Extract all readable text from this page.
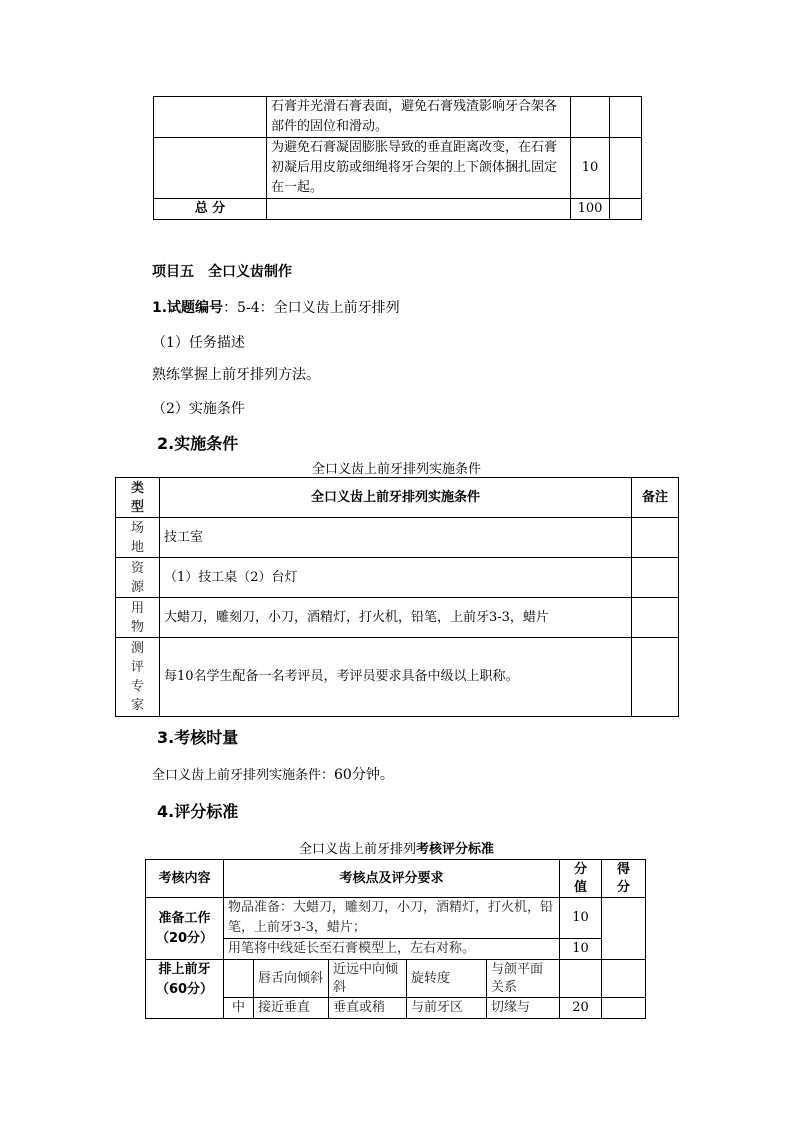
	石膏并光滑石膏表面，避免石膏残渣影响牙合架各部件的固位和滑动。		
	为避免石膏凝固膨胀导致的垂直距离改变，在石膏初凝后用皮筋或细绳将牙合架的上下颌体捆扎固定在一起。	10	
总 分		100	
项目五　全口义齿制作
1.试题编号：5-4：全口义齿上前牙排列
（1）任务描述
熟练掌握上前牙排列方法。
（2）实施条件
2.实施条件
全口义齿上前牙排列实施条件
类型	全口义齿上前牙排列实施条件	备注

场地	技工室	

资源	（1）技工桌（2）台灯	

用物	大蜡刀，雕刻刀，小刀，酒精灯，打火机，铅笔，上前牙3-3，蜡片	

测评专家	每10名学生配备一名考评员，考评员要求具备中级以上职称。	
3.考核时量
全口义齿上前牙排列实施条件：60分钟。
4.评分标准
全口义齿上前牙排列考核评分标准
考核内容	考核点及评分要求					分值	得分

准备工作
（20分）	物品准备：大蜡刀，雕刻刀，小刀，酒精灯，打火机，铅笔，上前牙3-3，蜡片；					10	
	用笔将中线延长至石膏模型上，左右对称。					10	

排上前牙
（60分）		唇舌向倾斜	近远中向倾斜	旋转度	与颌平面关系		
	中	接近垂直	垂直或稍	与前牙区	切缘与	20	
